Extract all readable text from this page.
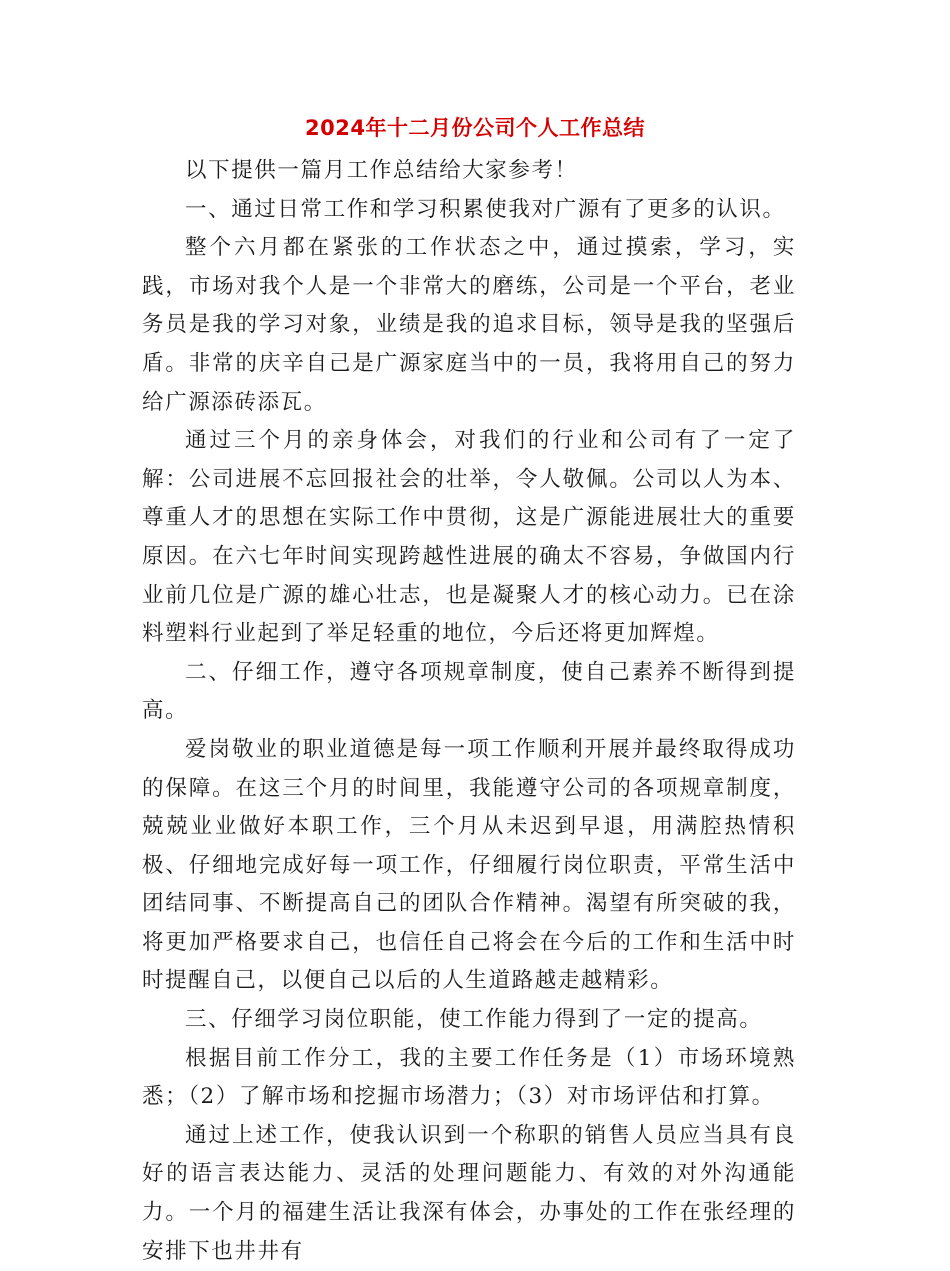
2024年十二月份公司个人工作总结

以下提供一篇月工作总结给大家参考！

一、通过日常工作和学习积累使我对广源有了更多的认识。

整个六月都在紧张的工作状态之中，通过摸索，学习，实践，市场对我个人是一个非常大的磨练，公司是一个平台，老业务员是我的学习对象，业绩是我的追求目标，领导是我的坚强后盾。非常的庆辛自己是广源家庭当中的一员，我将用自己的努力给广源添砖添瓦。

通过三个月的亲身体会，对我们的行业和公司有了一定了解：公司进展不忘回报社会的壮举，令人敬佩。公司以人为本、尊重人才的思想在实际工作中贯彻，这是广源能进展壮大的重要原因。在六七年时间实现跨越性进展的确太不容易，争做国内行业前几位是广源的雄心壮志，也是凝聚人才的核心动力。已在涂料塑料行业起到了举足轻重的地位，今后还将更加辉煌。

二、仔细工作，遵守各项规章制度，使自己素养不断得到提高。

爱岗敬业的职业道德是每一项工作顺利开展并最终取得成功的保障。在这三个月的时间里，我能遵守公司的各项规章制度，兢兢业业做好本职工作，三个月从未迟到早退，用满腔热情积极、仔细地完成好每一项工作，仔细履行岗位职责，平常生活中团结同事、不断提高自己的团队合作精神。渴望有所突破的我，将更加严格要求自己，也信任自己将会在今后的工作和生活中时时提醒自己，以便自己以后的人生道路越走越精彩。

三、仔细学习岗位职能，使工作能力得到了一定的提高。

根据目前工作分工，我的主要工作任务是（1）市场环境熟悉；（2）了解市场和挖掘市场潜力；（3）对市场评估和打算。

通过上述工作，使我认识到一个称职的销售人员应当具有良好的语言表达能力、灵活的处理问题能力、有效的对外沟通能力。一个月的福建生活让我深有体会，办事处的工作在张经理的安排下也井井有
